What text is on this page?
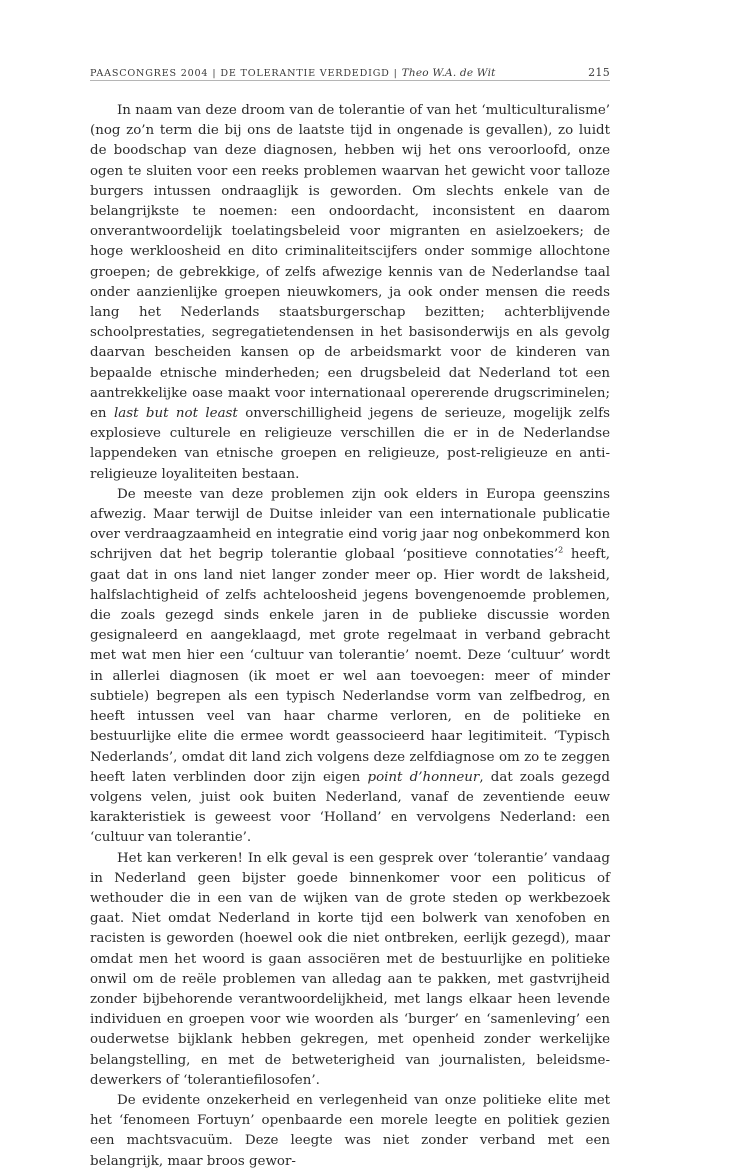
PAASCONGRES 2004 | DE TOLERANTIE VERDEDIGD | Theo W.A. de Wit	215

In naam van deze droom van de tolerantie of van het ‘multiculturalisme’ (nog zo’n term die bij ons de laatste tijd in ongenade is gevallen), zo luidt de boodschap van deze diagnosen, hebben wij het ons veroorloofd, onze ogen te sluiten voor een reeks problemen waarvan het gewicht voor talloze burgers intussen ondraaglijk is geworden. Om slechts enkele van de belangrijkste te noemen: een ondoordacht, inconsistent en daarom onverantwoordelijk toelatingsbeleid voor migranten en asielzoekers; de hoge werkloosheid en dito criminaliteitscijfers onder sommige allochtone groepen; de gebrekkige, of zelfs afwezige kennis van de Nederlandse taal onder aanzienlijke groepen nieuwkomers, ja ook onder mensen die reeds lang het Nederlands staatsburgerschap bezitten; achterblijvende schoolprestaties, segregatietendensen in het basisonderwijs en als gevolg daarvan bescheiden kansen op de arbeidsmarkt voor de kinderen van bepaalde etnische minderheden; een drugsbeleid dat Nederland tot een aantrekkelijke oase maakt voor internationaal opererende drugscriminelen; en last but not least onverschilligheid jegens de serieuze, mogelijk zelfs explosieve culturele en religieuze verschillen die er in de Nederlandse lappendeken van etnische groepen en religieuze, post-religieuze en anti-religieuze loyaliteiten bestaan.

De meeste van deze problemen zijn ook elders in Europa geenszins afwezig. Maar terwijl de Duitse inleider van een internationale publicatie over verdraagzaamheid en integratie eind vorig jaar nog onbekommerd kon schrijven dat het begrip tolerantie globaal ‘positieve connotaties’$^2$ heeft, gaat dat in ons land niet langer zonder meer op. Hier wordt de laksheid, halfslachtigheid of zelfs achteloosheid jegens bovengenoemde problemen, die zoals gezegd sinds enkele jaren in de publieke discussie worden gesignaleerd en aangeklaagd, met grote regelmaat in verband gebracht met wat men hier een ‘cultuur van tolerantie’ noemt. Deze ‘cultuur’ wordt in allerlei diagnosen (ik moet er wel aan toevoegen: meer of minder subtiele) begrepen als een typisch Nederlandse vorm van zelfbedrog, en heeft intussen veel van haar charme verloren, en de politieke en bestuurlijke elite die ermee wordt geassocieerd haar legitimiteit. ‘Typisch Nederlands’, omdat dit land zich volgens deze zelfdiagnose om zo te zeggen heeft laten verblinden door zijn eigen point d’honneur, dat zoals gezegd volgens velen, juist ook buiten Nederland, vanaf de zeventiende eeuw karakteristiek is geweest voor ‘Holland’ en vervolgens Nederland: een ‘cultuur van tolerantie’.

Het kan verkeren! In elk geval is een gesprek over ‘tolerantie’ vandaag in Nederland geen bijster goede binnenkomer voor een politicus of wethouder die in een van de wijken van de grote steden op werkbezoek gaat. Niet omdat Nederland in korte tijd een bolwerk van xenofoben en racisten is geworden (hoewel ook die niet ontbreken, eerlijk gezegd), maar omdat men het woord is gaan associëren met de bestuurlijke en politieke onwil om de reële problemen van alledag aan te pakken, met gastvrijheid zonder bijbehorende verantwoordelijkheid, met langs elkaar heen levende individuen en groepen voor wie woorden als ‘burger’ en ‘samenleving’ een ouderwetse bijklank hebben gekregen, met openheid zonder werkelijke belangstelling, en met de betweterigheid van journalisten, beleidsmedewerkers of ‘tolerantiefilosofen’.

De evidente onzekerheid en verlegenheid van onze politieke elite met het ‘fenomeen Fortuyn’ openbaarde een morele leegte en politiek gezien een machtsvacuüm. Deze leegte was niet zonder verband met een belangrijk, maar broos gewor-
